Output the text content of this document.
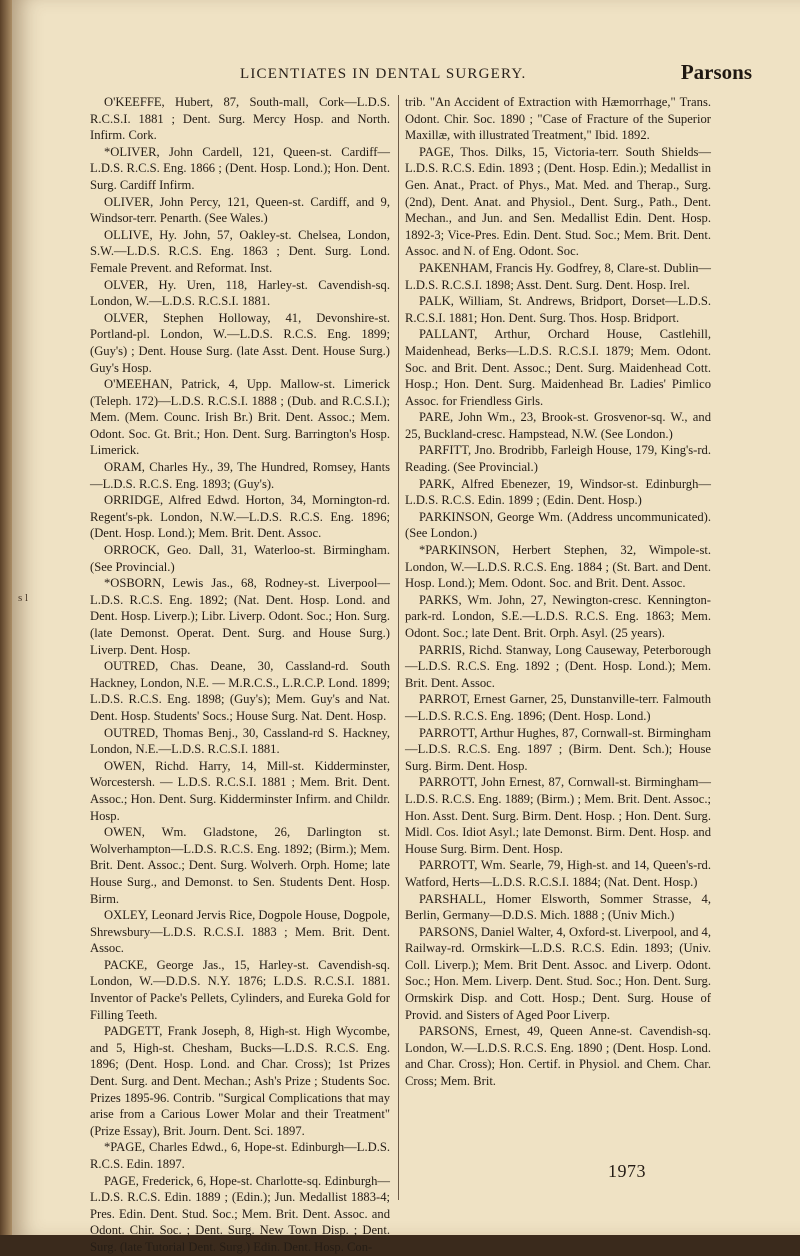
LICENTIATES IN DENTAL SURGERY.	Parsons
s l

O'KEEFFE, Hubert, 87, South-mall, Cork—L.D.S. R.C.S.I. 1881 ; Dent. Surg. Mercy Hosp. and North. Infirm. Cork.

*OLIVER, John Cardell, 121, Queen-st. Cardiff—L.D.S. R.C.S. Eng. 1866 ; (Dent. Hosp. Lond.); Hon. Dent. Surg. Cardiff Infirm.

OLIVER, John Percy, 121, Queen-st. Cardiff, and 9, Windsor-terr. Penarth. (See Wales.)

OLLIVE, Hy. John, 57, Oakley-st. Chelsea, London, S.W.—L.D.S. R.C.S. Eng. 1863 ; Dent. Surg. Lond. Female Prevent. and Reformat. Inst.

OLVER, Hy. Uren, 118, Harley-st. Cavendish-sq. London, W.—L.D.S. R.C.S.I. 1881.

OLVER, Stephen Holloway, 41, Devonshire-st. Portland-pl. London, W.—L.D.S. R.C.S. Eng. 1899; (Guy's) ; Dent. House Surg. (late Asst. Dent. House Surg.) Guy's Hosp.

O'MEEHAN, Patrick, 4, Upp. Mallow-st. Limerick (Teleph. 172)—L.D.S. R.C.S.I. 1888 ; (Dub. and R.C.S.I.); Mem. (Mem. Counc. Irish Br.) Brit. Dent. Assoc.; Mem. Odont. Soc. Gt. Brit.; Hon. Dent. Surg. Barrington's Hosp. Limerick.

ORAM, Charles Hy., 39, The Hundred, Romsey, Hants—L.D.S. R.C.S. Eng. 1893; (Guy's).

ORRIDGE, Alfred Edwd. Horton, 34, Mornington-rd. Regent's-pk. London, N.W.—L.D.S. R.C.S. Eng. 1896; (Dent. Hosp. Lond.); Mem. Brit. Dent. Assoc.

ORROCK, Geo. Dall, 31, Waterloo-st. Birmingham. (See Provincial.)

*OSBORN, Lewis Jas., 68, Rodney-st. Liverpool—L.D.S. R.C.S. Eng. 1892; (Nat. Dent. Hosp. Lond. and Dent. Hosp. Liverp.); Libr. Liverp. Odont. Soc.; Hon. Surg. (late Demonst. Operat. Dent. Surg. and House Surg.) Liverp. Dent. Hosp.

OUTRED, Chas. Deane, 30, Cassland-rd. South Hackney, London, N.E. — M.R.C.S., L.R.C.P. Lond. 1899; L.D.S. R.C.S. Eng. 1898; (Guy's); Mem. Guy's and Nat. Dent. Hosp. Students' Socs.; House Surg. Nat. Dent. Hosp.

OUTRED, Thomas Benj., 30, Cassland-rd S. Hackney, London, N.E.—L.D.S. R.C.S.I. 1881.

OWEN, Richd. Harry, 14, Mill-st. Kidderminster, Worcestersh. — L.D.S. R.C.S.I. 1881 ; Mem. Brit. Dent. Assoc.; Hon. Dent. Surg. Kidderminster Infirm. and Childr. Hosp.

OWEN, Wm. Gladstone, 26, Darlington st. Wolverhampton—L.D.S. R.C.S. Eng. 1892; (Birm.); Mem. Brit. Dent. Assoc.; Dent. Surg. Wolverh. Orph. Home; late House Surg., and Demonst. to Sen. Students Dent. Hosp. Birm.

OXLEY, Leonard Jervis Rice, Dogpole House, Dogpole, Shrewsbury—L.D.S. R.C.S.I. 1883 ; Mem. Brit. Dent. Assoc.

PACKE, George Jas., 15, Harley-st. Cavendish-sq. London, W.—D.D.S. N.Y. 1876; L.D.S. R.C.S.I. 1881. Inventor of Packe's Pellets, Cylinders, and Eureka Gold for Filling Teeth.

PADGETT, Frank Joseph, 8, High-st. High Wycombe, and 5, High-st. Chesham, Bucks—L.D.S. R.C.S. Eng. 1896; (Dent. Hosp. Lond. and Char. Cross); 1st Prizes Dent. Surg. and Dent. Mechan.; Ash's Prize ; Students Soc. Prizes 1895-96. Contrib. "Surgical Complications that may arise from a Carious Lower Molar and their Treatment" (Prize Essay), Brit. Journ. Dent. Sci. 1897.

*PAGE, Charles Edwd., 6, Hope-st. Edinburgh—L.D.S. R.C.S. Edin. 1897.

PAGE, Frederick, 6, Hope-st. Charlotte-sq. Edinburgh—L.D.S. R.C.S. Edin. 1889 ; (Edin.); Jun. Medallist 1883-4; Pres. Edin. Dent. Stud. Soc.; Mem. Brit. Dent. Assoc. and Odont. Chir. Soc. ; Dent. Surg. New Town Disp. ; Dent. Surg. (late Tutorial Dent. Surg.) Edin. Dent. Hosp. Con-

trib. "An Accident of Extraction with Hæmorrhage," Trans. Odont. Chir. Soc. 1890 ; "Case of Fracture of the Superior Maxillæ, with illustrated Treatment," Ibid. 1892.

PAGE, Thos. Dilks, 15, Victoria-terr. South Shields—L.D.S. R.C.S. Edin. 1893 ; (Dent. Hosp. Edin.); Medallist in Gen. Anat., Pract. of Phys., Mat. Med. and Therap., Surg. (2nd), Dent. Anat. and Physiol., Dent. Surg., Path., Dent. Mechan., and Jun. and Sen. Medallist Edin. Dent. Hosp. 1892-3; Vice-Pres. Edin. Dent. Stud. Soc.; Mem. Brit. Dent. Assoc. and N. of Eng. Odont. Soc.

PAKENHAM, Francis Hy. Godfrey, 8, Clare-st. Dublin—L.D.S. R.C.S.I. 1898; Asst. Dent. Surg. Dent. Hosp. Irel.

PALK, William, St. Andrews, Bridport, Dorset—L.D.S. R.C.S.I. 1881; Hon. Dent. Surg. Thos. Hosp. Bridport.

PALLANT, Arthur, Orchard House, Castlehill, Maidenhead, Berks—L.D.S. R.C.S.I. 1879; Mem. Odont. Soc. and Brit. Dent. Assoc.; Dent. Surg. Maidenhead Cott. Hosp.; Hon. Dent. Surg. Maidenhead Br. Ladies' Pimlico Assoc. for Friendless Girls.

PARE, John Wm., 23, Brook-st. Grosvenor-sq. W., and 25, Buckland-cresc. Hampstead, N.W. (See London.)

PARFITT, Jno. Brodribb, Farleigh House, 179, King's-rd. Reading. (See Provincial.)

PARK, Alfred Ebenezer, 19, Windsor-st. Edinburgh—L.D.S. R.C.S. Edin. 1899 ; (Edin. Dent. Hosp.)

PARKINSON, George Wm. (Address uncommunicated). (See London.)

*PARKINSON, Herbert Stephen, 32, Wimpole-st. London, W.—L.D.S. R.C.S. Eng. 1884 ; (St. Bart. and Dent. Hosp. Lond.); Mem. Odont. Soc. and Brit. Dent. Assoc.

PARKS, Wm. John, 27, Newington-cresc. Kennington-park-rd. London, S.E.—L.D.S. R.C.S. Eng. 1863; Mem. Odont. Soc.; late Dent. Brit. Orph. Asyl. (25 years).

PARRIS, Richd. Stanway, Long Causeway, Peterborough—L.D.S. R.C.S. Eng. 1892 ; (Dent. Hosp. Lond.); Mem. Brit. Dent. Assoc.

PARROT, Ernest Garner, 25, Dunstanville-terr. Falmouth—L.D.S. R.C.S. Eng. 1896; (Dent. Hosp. Lond.)

PARROTT, Arthur Hughes, 87, Cornwall-st. Birmingham—L.D.S. R.C.S. Eng. 1897 ; (Birm. Dent. Sch.); House Surg. Birm. Dent. Hosp.

PARROTT, John Ernest, 87, Cornwall-st. Birmingham—L.D.S. R.C.S. Eng. 1889; (Birm.) ; Mem. Brit. Dent. Assoc.; Hon. Asst. Dent. Surg. Birm. Dent. Hosp. ; Hon. Dent. Surg. Midl. Cos. Idiot Asyl.; late Demonst. Birm. Dent. Hosp. and House Surg. Birm. Dent. Hosp.

PARROTT, Wm. Searle, 79, High-st. and 14, Queen's-rd. Watford, Herts—L.D.S. R.C.S.I. 1884; (Nat. Dent. Hosp.)

PARSHALL, Homer Elsworth, Sommer Strasse, 4, Berlin, Germany—D.D.S. Mich. 1888 ; (Univ Mich.)

PARSONS, Daniel Walter, 4, Oxford-st. Liverpool, and 4, Railway-rd. Ormskirk—L.D.S. R.C.S. Edin. 1893; (Univ. Coll. Liverp.); Mem. Brit Dent. Assoc. and Liverp. Odont. Soc.; Hon. Mem. Liverp. Dent. Stud. Soc.; Hon. Dent. Surg. Ormskirk Disp. and Cott. Hosp.; Dent. Surg. House of Provid. and Sisters of Aged Poor Liverp.

PARSONS, Ernest, 49, Queen Anne-st. Cavendish-sq. London, W.—L.D.S. R.C.S. Eng. 1890 ; (Dent. Hosp. Lond. and Char. Cross); Hon. Certif. in Physiol. and Chem. Char. Cross; Mem. Brit.

1973
